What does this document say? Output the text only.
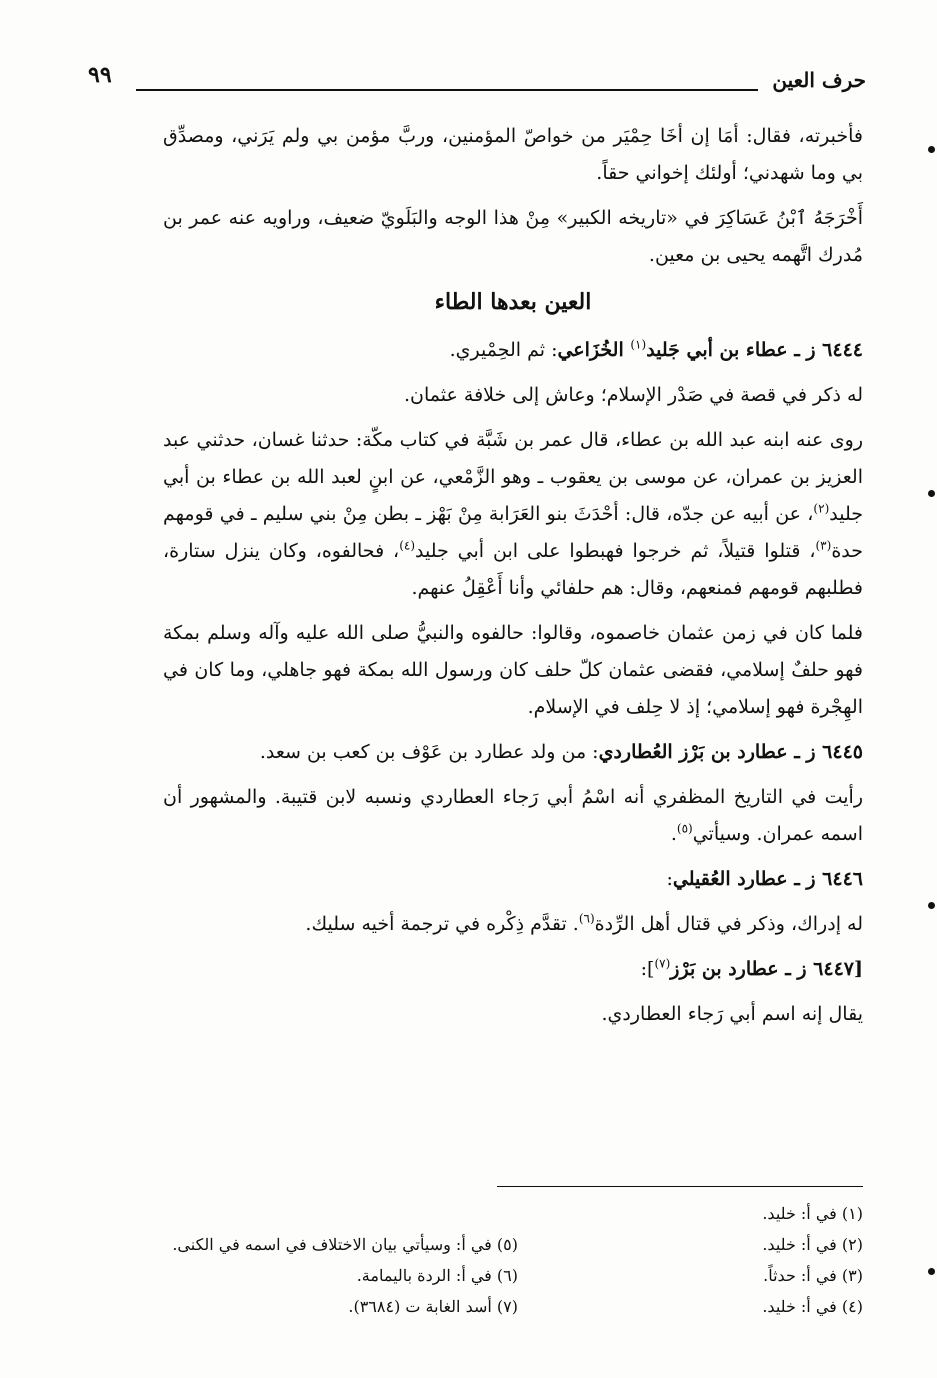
حرف العين
٩٩

فأخبرته، فقال: أمَا إن أخَا حِمْيَر من خواصّ المؤمنين، وربَّ مؤمن بي ولم يَرَني، ومصدِّق بي وما شهدني؛ أولئك إخواني حقاً.

أَخْرَجَهُ ٱبْنُ عَسَاكِرَ في «تاريخه الكبير» مِنْ هذا الوجه والبَلَويّ ضعيف، وراويه عنه عمر بن مُدرك اتَّهمه يحيى بن معين.

العين بعدها الطاء
٦٤٤٤ ز ـ عطاء بن أبي جَليد$^{(١)}$ الخُزَاعي: ثم الحِمْيري.

له ذكر في قصة في صَدْر الإسلام؛ وعاش إلى خلافة عثمان.

روى عنه ابنه عبد الله بن عطاء، قال عمر بن شَبَّة في كتاب مكّة: حدثنا غسان، حدثني عبد العزيز بن عمران، عن موسى بن يعقوب ـ وهو الزَّمْعي، عن ابنٍ لعبد الله بن عطاء بن أبي جليد$^{(٢)}$، عن أبيه عن جدّه، قال: أحْدَثَ بنو العَرَابة مِنْ بَهْز ـ بطن مِنْ بني سليم ـ في قومهم حدة$^{(٣)}$، قتلوا قتيلاً، ثم خرجوا فهبطوا على ابن أبي جليد$^{(٤)}$، فحالفوه، وكان ينزل ستارة، فطلبهم قومهم فمنعهم، وقال: هم حلفائي وأنا أَعْقِلُ عنهم.

فلما كان في زمن عثمان خاصموه، وقالوا: حالفوه والنبيُّ صلى الله عليه وآله وسلم بمكة فهو حلفٌ إسلامي، فقضى عثمان كلّ حلف كان ورسول الله بمكة فهو جاهلي، وما كان في الهِجْرة فهو إسلامي؛ إذ لا حِلف في الإسلام.

٦٤٤٥ ز ـ عطارد بن بَرْز العُطاردي: من ولد عطارد بن عَوْف بن كعب بن سعد.

رأيت في التاريخ المظفري أنه اسْمُ أبي رَجاء العطاردي ونسبه لابن قتيبة. والمشهور أن اسمه عمران. وسيأتي$^{(٥)}$.

٦٤٤٦ ز ـ عطارد العُقيلي:

له إدراك، وذكر في قتال أهل الرِّدة$^{(٦)}$. تقدَّم ذِكْره في ترجمة أخيه سليك.

[٦٤٤٧ ز ـ عطارد بن بَرْز$^{(٧)}$]:

يقال إنه اسم أبي رَجاء العطاردي.

(١) في أ: خليد.
(٢) في أ: خليد.
(٣) في أ: حدثاً.
(٤) في أ: خليد.
(٥) في أ: وسيأتي بيان الاختلاف في اسمه في الكنى.
(٦) في أ: الردة باليمامة.
(٧) أسد الغابة ت (٣٦٨٤).
